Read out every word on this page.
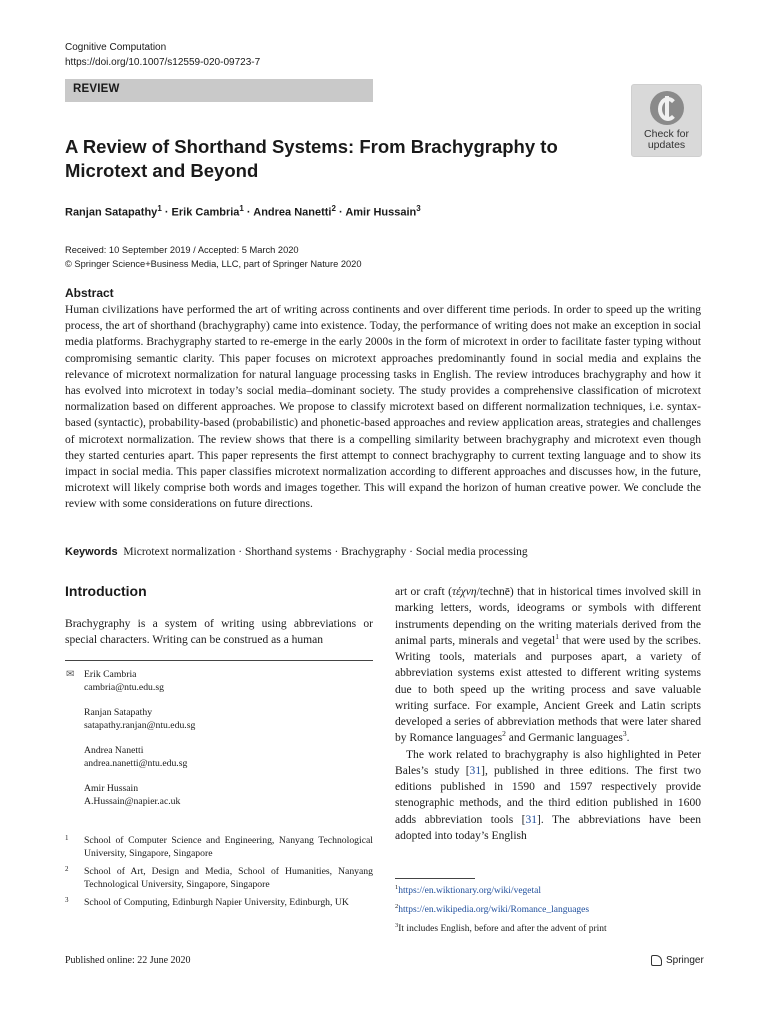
Cognitive Computation
https://doi.org/10.1007/s12559-020-09723-7
REVIEW
Check for
updates
A Review of Shorthand Systems: From Brachygraphy to Microtext and Beyond
Ranjan Satapathy$^1$ · Erik Cambria$^1$ · Andrea Nanetti$^2$ · Amir Hussain$^3$
Received: 10 September 2019 / Accepted: 5 March 2020
© Springer Science+Business Media, LLC, part of Springer Nature 2020
Abstract
Human civilizations have performed the art of writing across continents and over different time periods. In order to speed up the writing process, the art of shorthand (brachygraphy) came into existence. Today, the performance of writing does not make an exception in social media platforms. Brachygraphy started to re-emerge in the early 2000s in the form of microtext in order to facilitate faster typing without compromising semantic clarity. This paper focuses on microtext approaches predominantly found in social media and explains the relevance of microtext normalization for natural language processing tasks in English. The review introduces brachygraphy and how it has evolved into microtext in today’s social media–dominant society. The study provides a comprehensive classification of microtext normalization based on different approaches. We propose to classify microtext based on different normalization techniques, i.e. syntax-based (syntactic), probability-based (probabilistic) and phonetic-based approaches and review application areas, strategies and challenges of microtext normalization. The review shows that there is a compelling similarity between brachygraphy and microtext even though they started centuries apart. This paper represents the first attempt to connect brachygraphy to current texting language and to show its impact in social media. This paper classifies microtext normalization according to different approaches and discusses how, in the future, microtext will likely comprise both words and images together. This will expand the horizon of human creative power. We conclude the review with some considerations on future directions.
Keywords Microtext normalization · Shorthand systems · Brachygraphy · Social media processing
Introduction
Brachygraphy is a system of writing using abbreviations or special characters. Writing can be construed as a human
✉ Erik Cambria
cambria@ntu.edu.sg
Ranjan Satapathy
satapathy.ranjan@ntu.edu.sg
Andrea Nanetti
andrea.nanetti@ntu.edu.sg
Amir Hussain
A.Hussain@napier.ac.uk
1 School of Computer Science and Engineering, Nanyang Technological University, Singapore, Singapore
2 School of Art, Design and Media, School of Humanities, Nanyang Technological University, Singapore, Singapore
3 School of Computing, Edinburgh Napier University, Edinburgh, UK

art or craft (τέχνη/technē) that in historical times involved skill in marking letters, words, ideograms or symbols with different instruments depending on the writing materials derived from the animal parts, minerals and vegetal$^1$ that were used by the scribes. Writing tools, materials and purposes apart, a variety of abbreviation systems exist attested to different writing systems due to both speed up the writing process and save valuable writing surface. For example, Ancient Greek and Latin scripts developed a series of abbreviation methods that were later shared by Romance languages$^2$ and Germanic languages$^3$.

The work related to brachygraphy is also highlighted in Peter Bales’s study [31], published in three editions. The first two editions published in 1590 and 1597 respectively provide stenographic methods, and the third edition published in 1600 adds abbreviation tools [31]. The abbreviations have been adopted into today’s English

$^1$https://en.wiktionary.org/wiki/vegetal
$^2$https://en.wikipedia.org/wiki/Romance_languages
$^3$It includes English, before and after the advent of print
Published online: 22 June 2020	Springer
